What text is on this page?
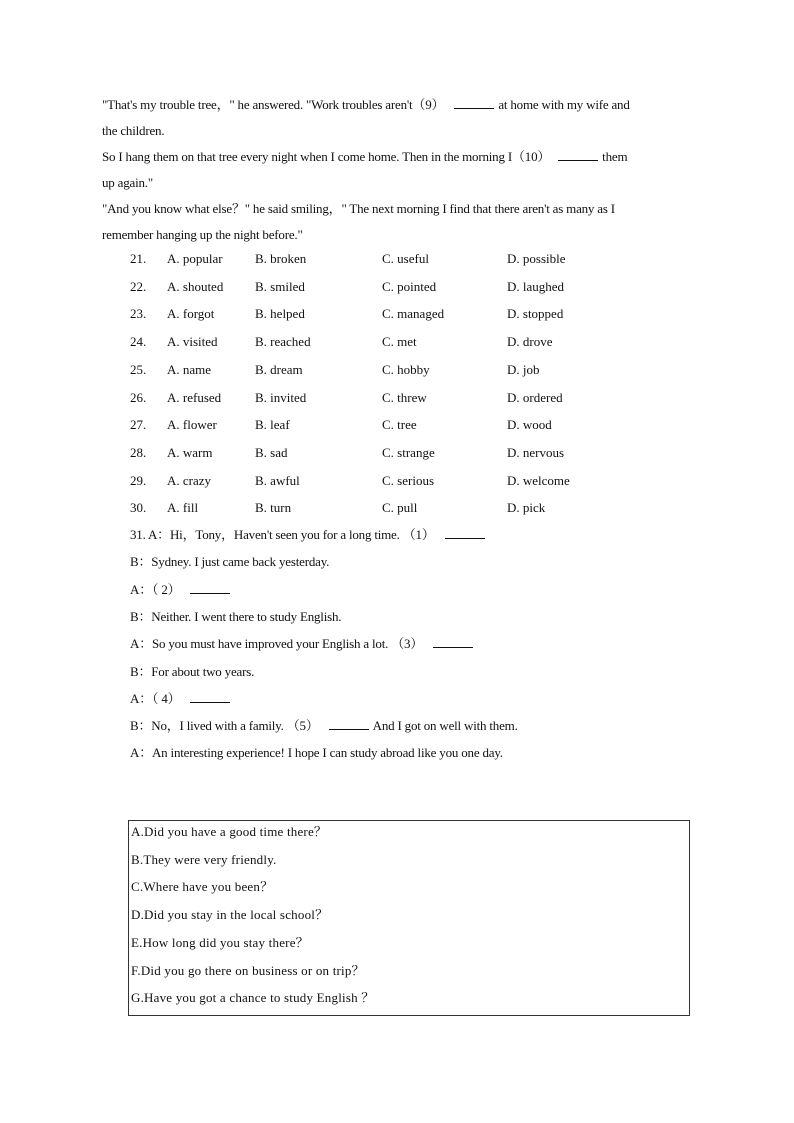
"That's my trouble tree，" he answered. "Work troubles aren't（9）	at home with my wife and
the children.
So I hang them on that tree every night when I come home. Then in the morning I（10）	them
up again."
"And you know what else？" he said smiling，" The next morning I find that there aren't as many as I
remember hanging up the night before."
21. A. popular B. broken	C. useful	D. possible
22. A. shouted B. smiled	C. pointed	D. laughed
23. A. forgot	B. helped	C. managed	D. stopped
24. A. visited	B. reached	C. met	D. drove
25. A. name	B. dream	C. hobby	D. job
26. A. refused	B. invited	C. threw	D. ordered
27. A. flower	B. leaf	C. tree	D. wood
28. A. warm	B. sad	C. strange	D. nervous
29. A. crazy	B. awful	C. serious	D. welcome
30. A. fill	B. turn	C. pull	D. pick
31. A：Hi，Tony，Haven't seen you for a long time. （1）
B：Sydney. I just came back yesterday.
A：（ 2）
B：Neither. I went there to study English.
A：So you must have improved your English a lot. （3）
B：For about two years.
A：（ 4）
B：No，I lived with a family. （5）	And I got on well with them.
A：An interesting experience! I hope I can study abroad like you one day.
A.Did you have a good time there？
B.They were very friendly.
C.Where have you been？
D.Did you stay in the local school？
E.How long did you stay there？
F.Did you go there on business or on trip？
G.Have you got a chance to study English ？
